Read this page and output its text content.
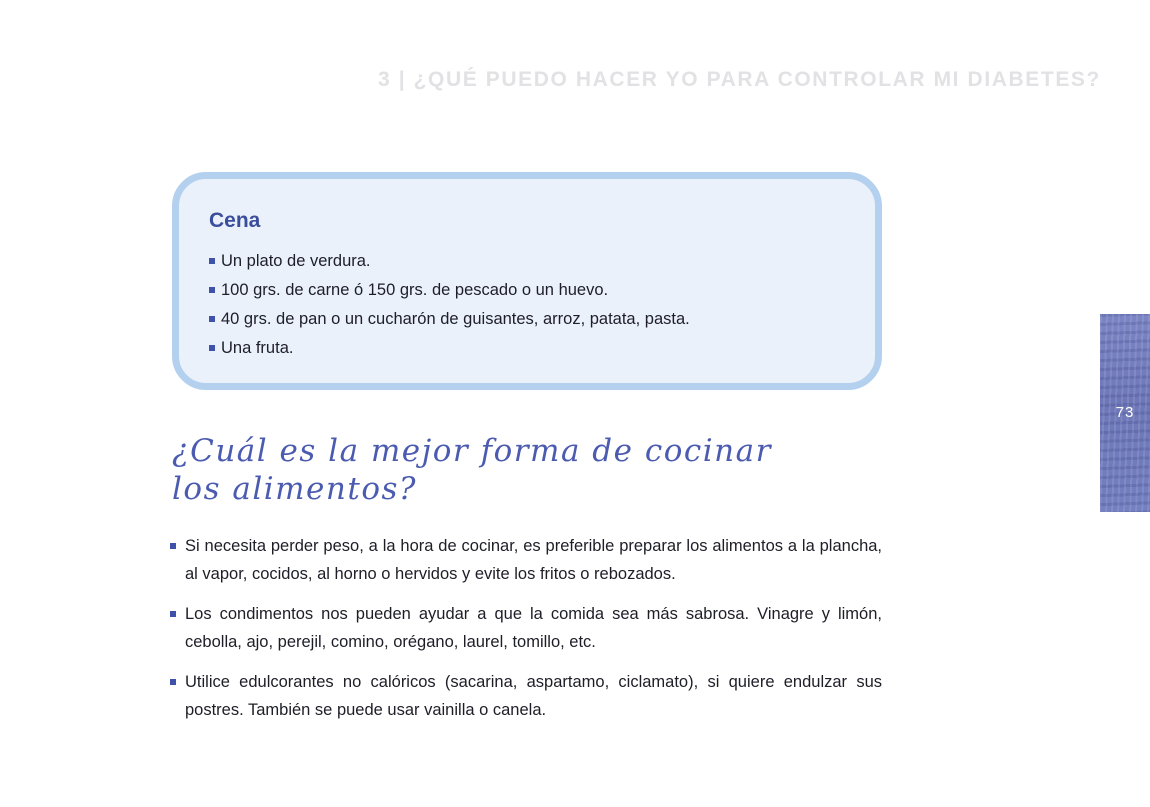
3 | ¿QUÉ PUEDO HACER YO PARA CONTROLAR MI DIABETES?
Cena
Un plato de verdura.
100 grs. de carne ó 150 grs. de pescado o un huevo.
40 grs. de pan o un cucharón de guisantes, arroz, patata, pasta.
Una fruta.
¿Cuál es la mejor forma de cocinar
los alimentos?
Si necesita perder peso, a la hora de cocinar, es preferible preparar los alimentos a la plancha, al vapor, cocidos, al horno o hervidos y evite los fritos o rebozados.
Los condimentos nos pueden ayudar a que la comida sea más sabrosa. Vinagre y limón, cebolla, ajo, perejil, comino, orégano, laurel, tomillo, etc.
Utilice edulcorantes no calóricos (sacarina, aspartamo, ciclamato), si quiere endulzar sus postres. También se puede usar vainilla o canela.
73
